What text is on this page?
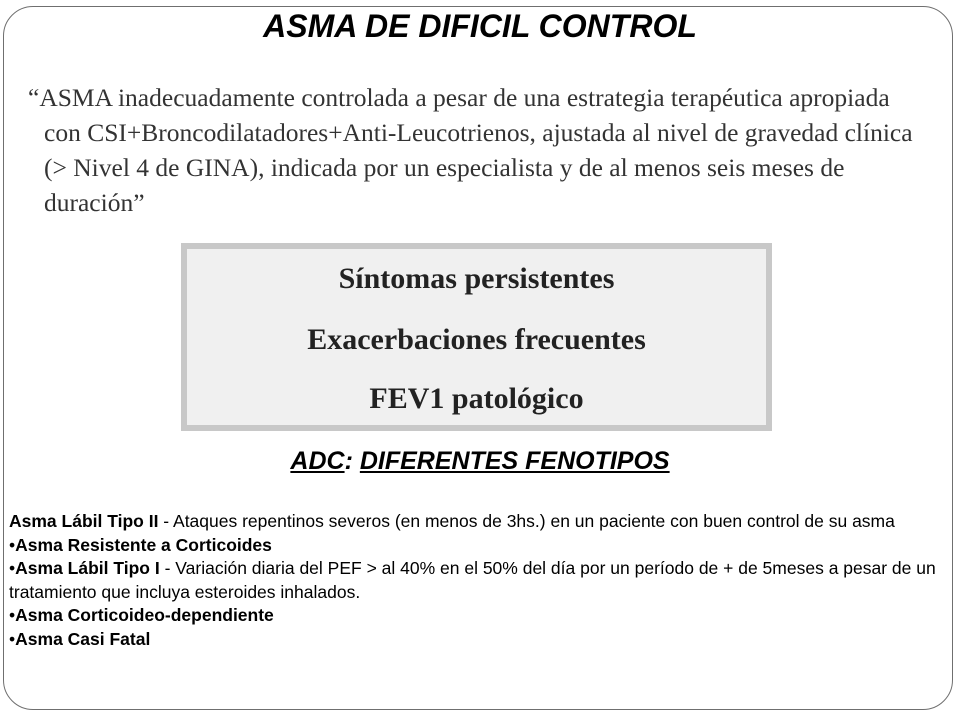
ASMA DE DIFICIL CONTROL

“ASMA inadecuadamente controlada a pesar de una estrategia terapéutica apropiada con CSI+Broncodilatadores+Anti-Leucotrienos, ajustada al nivel de gravedad clínica (> Nivel 4 de GINA), indicada por un especialista y de al menos seis meses de duración”

Síntomas persistentes
Exacerbaciones frecuentes
FEV1 patológico
ADC: DIFERENTES FENOTIPOS
Asma Lábil Tipo II - Ataques repentinos severos (en menos de 3hs.) en un paciente con buen control de su asma
•Asma Resistente a Corticoides
•Asma Lábil Tipo I - Variación diaria del PEF > al 40% en el 50% del día por un período de + de 5meses a pesar de un tratamiento que incluya esteroides inhalados.
•Asma Corticoideo-dependiente
•Asma Casi Fatal
